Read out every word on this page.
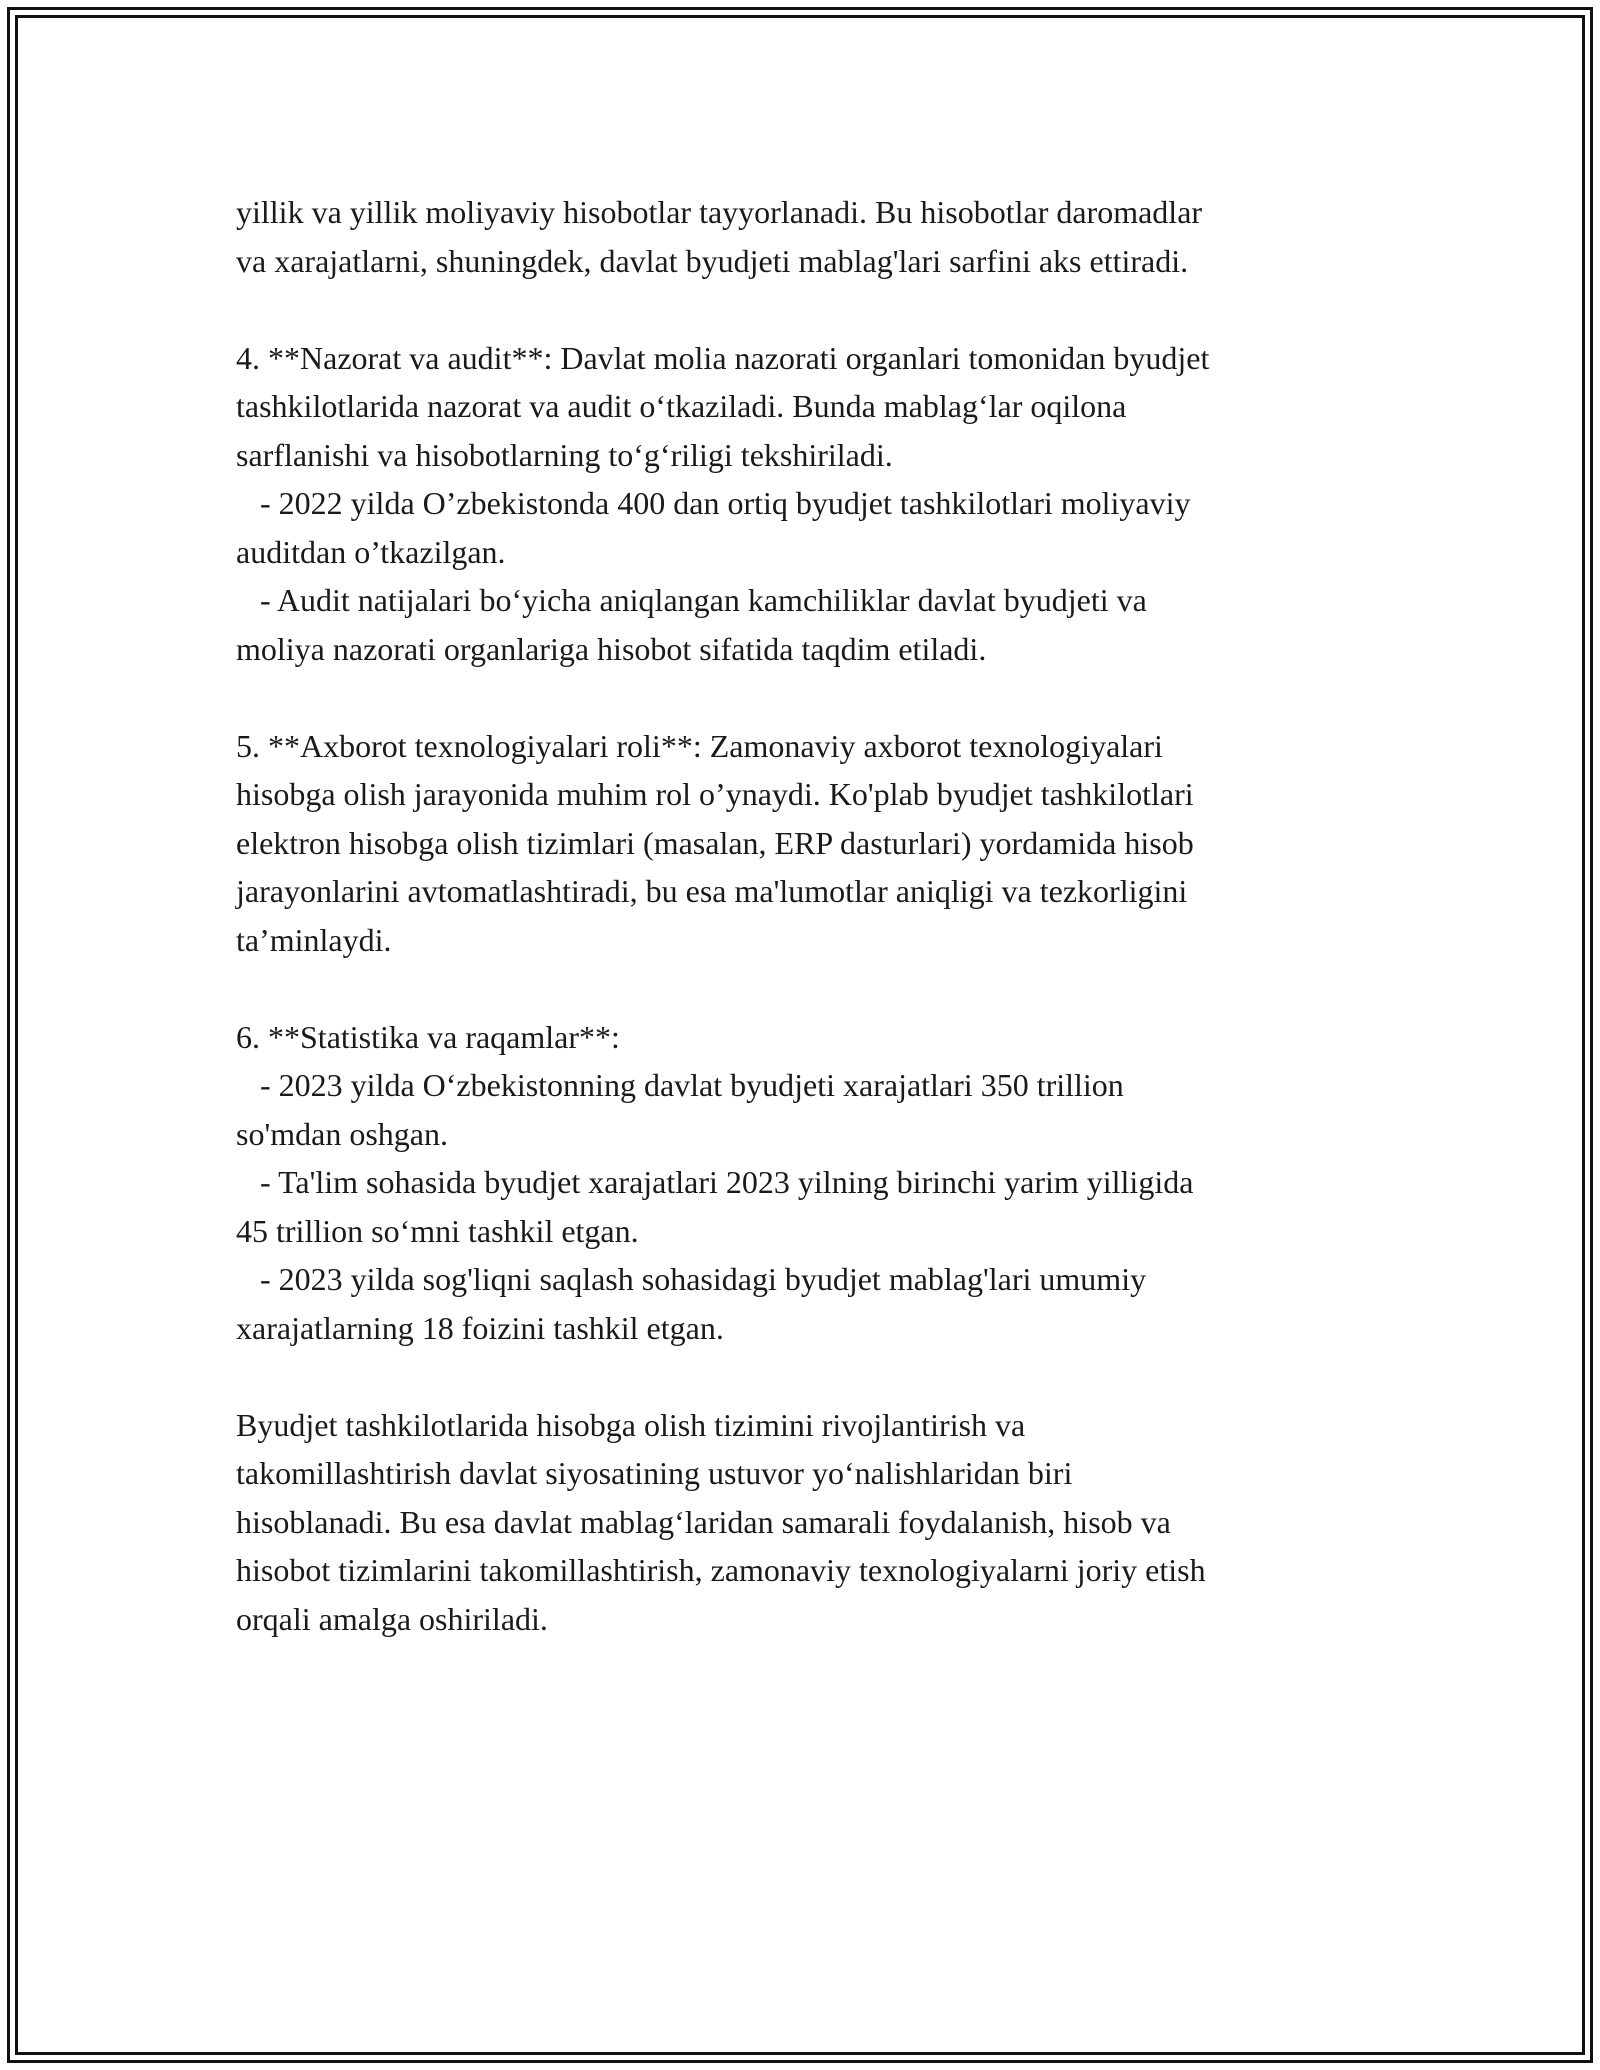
yillik va yillik moliyaviy hisobotlar tayyorlanadi. Bu hisobotlar daromadlar
va xarajatlarni, shuningdek, davlat byudjeti mablag'lari sarfini aks ettiradi.
4. **Nazorat va audit**: Davlat molia nazorati organlari tomonidan byudjet
tashkilotlarida nazorat va audit o‘tkaziladi. Bunda mablag‘lar oqilona
sarflanishi va hisobotlarning to‘g‘riligi tekshiriladi.
- 2022 yilda O’zbekistonda 400 dan ortiq byudjet tashkilotlari moliyaviy
auditdan o’tkazilgan.
- Audit natijalari bo‘yicha aniqlangan kamchiliklar davlat byudjeti va
moliya nazorati organlariga hisobot sifatida taqdim etiladi.
5. **Axborot texnologiyalari roli**: Zamonaviy axborot texnologiyalari
hisobga olish jarayonida muhim rol o’ynaydi. Ko'plab byudjet tashkilotlari
elektron hisobga olish tizimlari (masalan, ERP dasturlari) yordamida hisob
jarayonlarini avtomatlashtiradi, bu esa ma'lumotlar aniqligi va tezkorligini
ta’minlaydi.
6. **Statistika va raqamlar**:
- 2023 yilda O‘zbekistonning davlat byudjeti xarajatlari 350 trillion
so'mdan oshgan.
- Ta'lim sohasida byudjet xarajatlari 2023 yilning birinchi yarim yilligida
45 trillion so‘mni tashkil etgan.
- 2023 yilda sog'liqni saqlash sohasidagi byudjet mablag'lari umumiy
xarajatlarning 18 foizini tashkil etgan.
Byudjet tashkilotlarida hisobga olish tizimini rivojlantirish va
takomillashtirish davlat siyosatining ustuvor yo‘nalishlaridan biri
hisoblanadi. Bu esa davlat mablag‘laridan samarali foydalanish, hisob va
hisobot tizimlarini takomillashtirish, zamonaviy texnologiyalarni joriy etish
orqali amalga oshiriladi.
